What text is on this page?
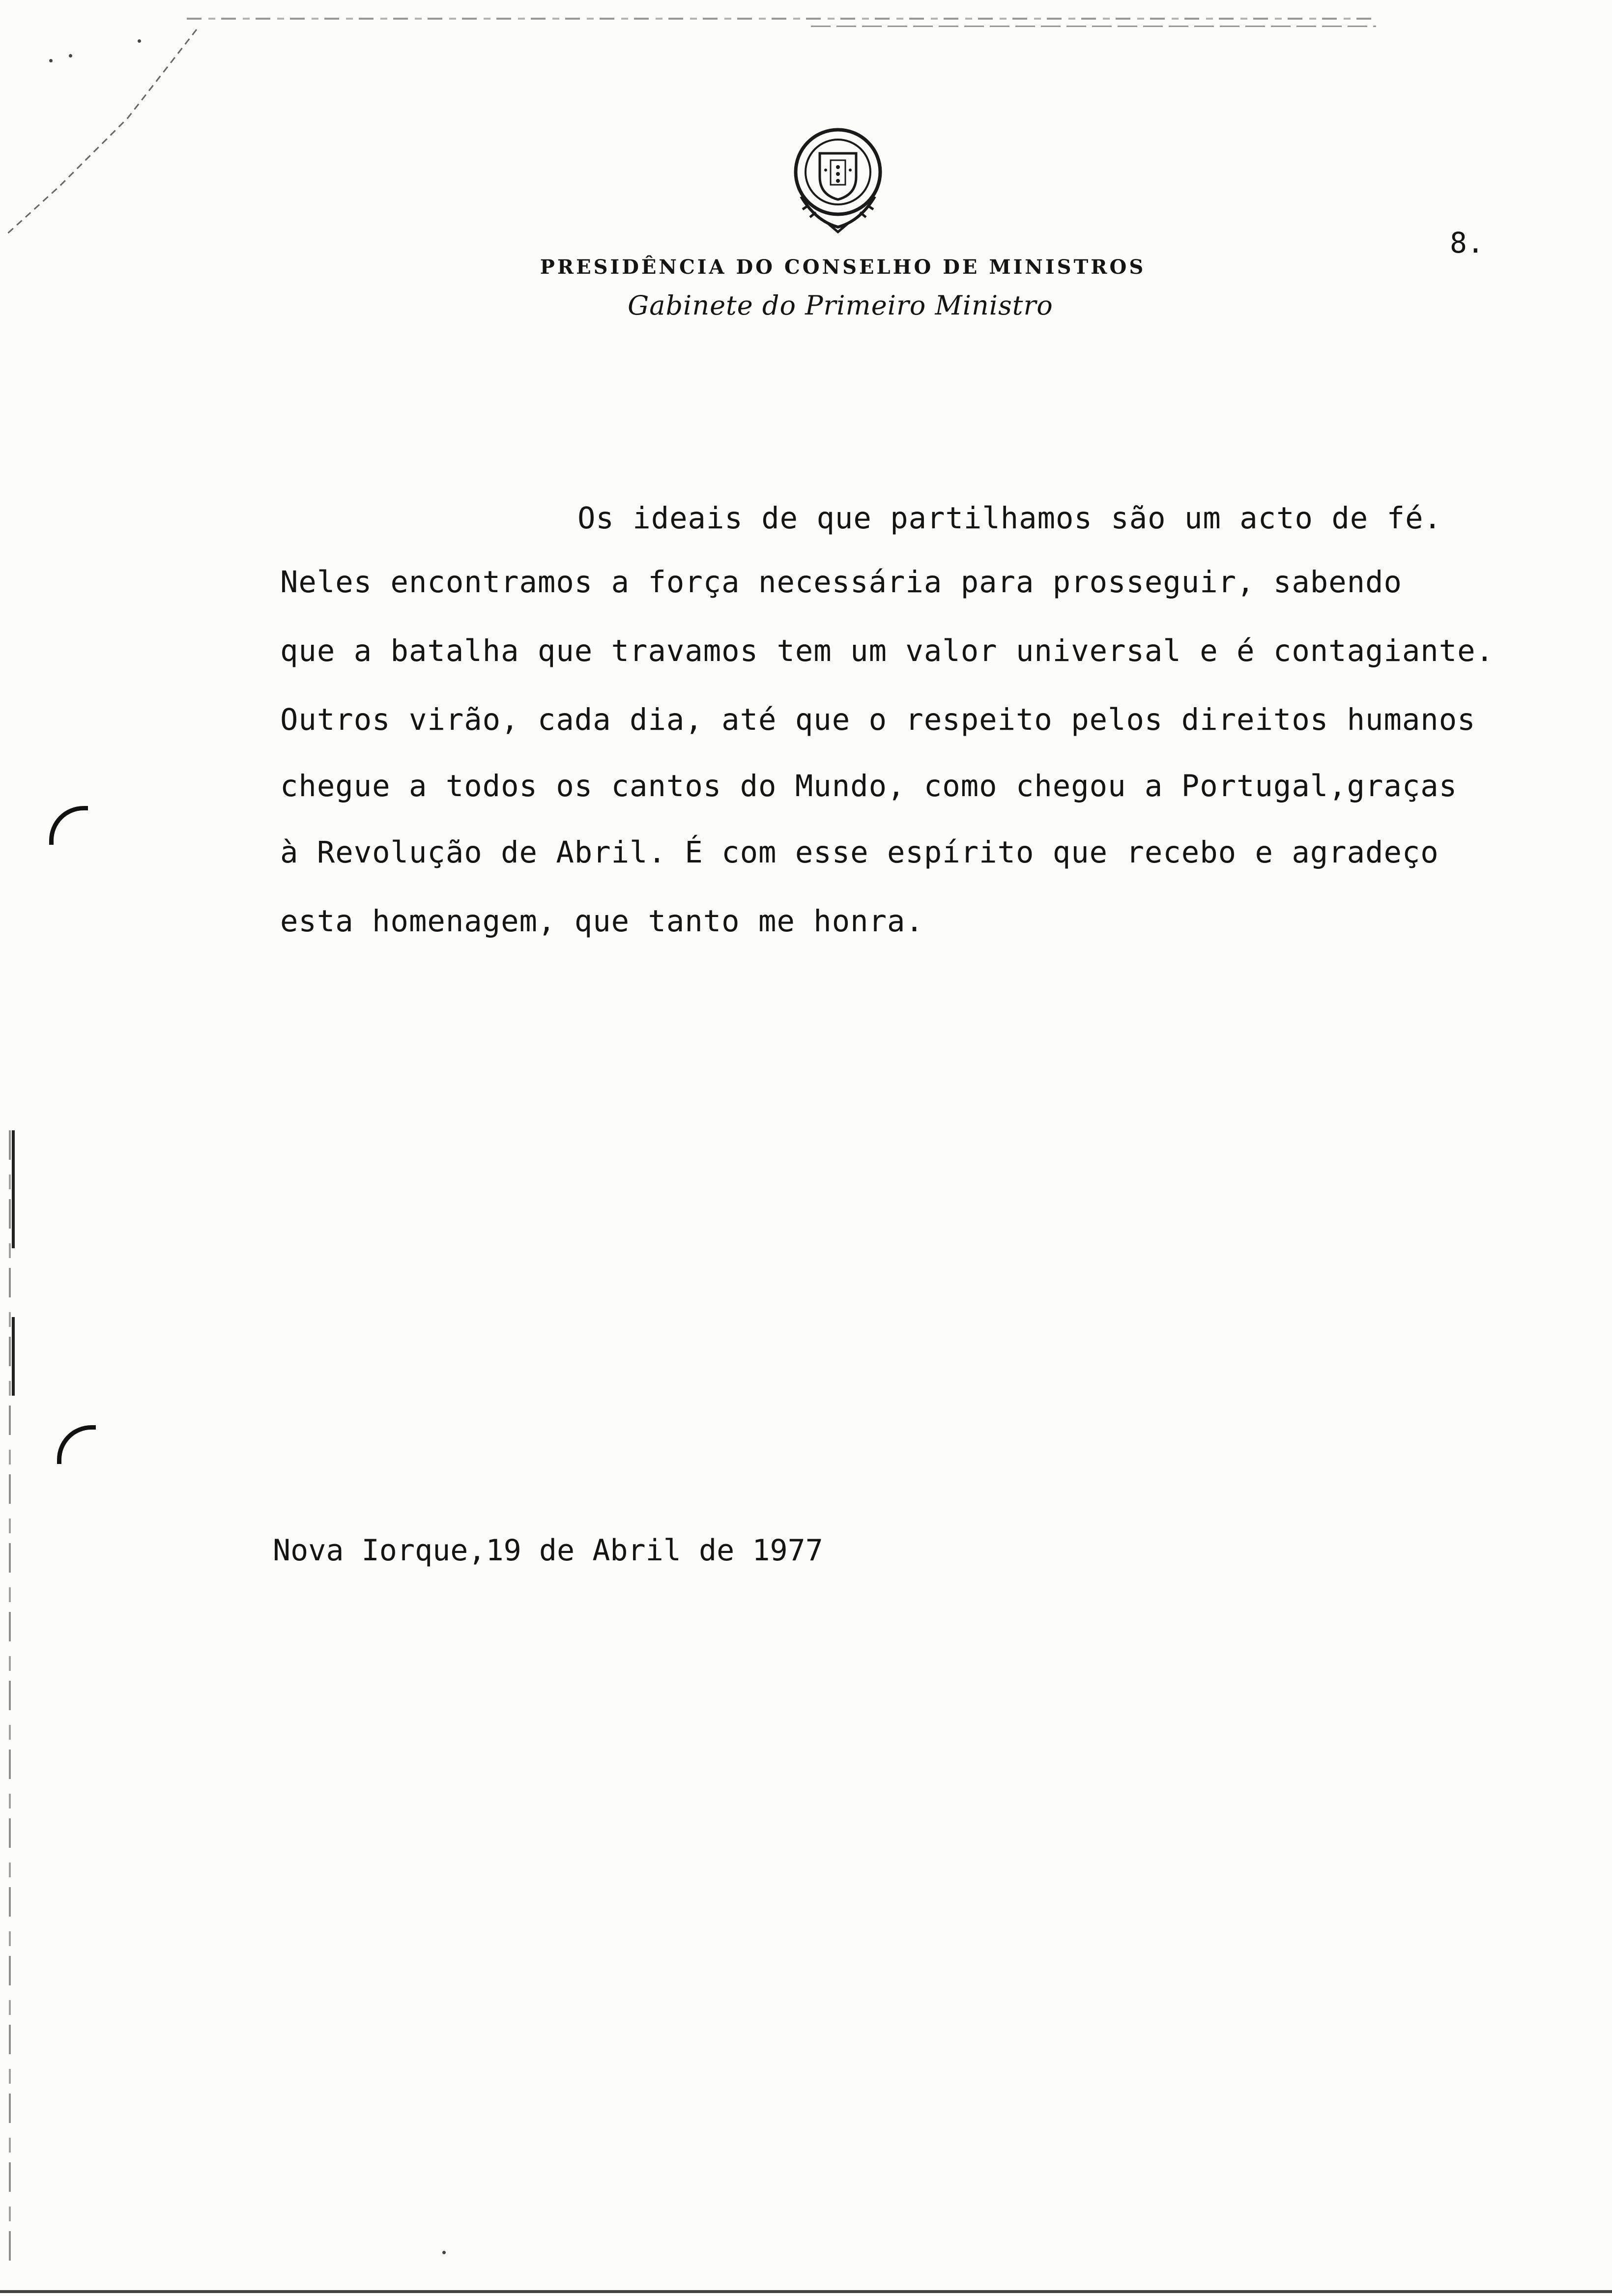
PRESIDÊNCIA DO CONSELHO DE MINISTROS
Gabinete do Primeiro Ministro
8.
Os ideais de que partilhamos são um acto de fé.
Neles encontramos a força necessária para prosseguir, sabendo
que a batalha que travamos tem um valor universal e é contagiante.
Outros virão, cada dia, até que o respeito pelos direitos humanos
chegue a todos os cantos do Mundo, como chegou a Portugal,graças
à Revolução de Abril. É com esse espírito que recebo e agradeço
esta homenagem, que tanto me honra.
Nova Iorque,19 de Abril de 1977
